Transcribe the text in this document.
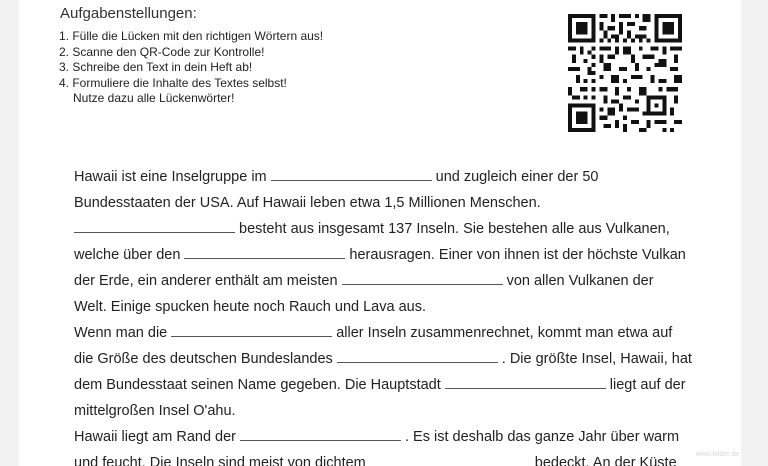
Aufgabenstellungen:
1. Fülle die Lücken mit den richtigen Wörtern aus!
2. Scanne den QR-Code zur Kontrolle!
3. Schreibe den Text in dein Heft ab!
4. Formuliere die Inhalte des Textes selbst!
Nutze dazu alle Lückenwörter!
Hawaii ist eine Inselgruppe im	und zugleich einer der 50
Bundesstaaten der USA. Auf Hawaii leben etwa 1,5 Millionen Menschen.
besteht aus insgesamt 137 Inseln. Sie bestehen alle aus Vulkanen,
welche über den	herausragen. Einer von ihnen ist der höchste Vulkan
der Erde, ein anderer enthält am meisten	von allen Vulkanen der
Welt. Einige spucken heute noch Rauch und Lava aus.
Wenn man die	aller Inseln zusammenrechnet, kommt man etwa auf
die Größe des deutschen Bundeslandes	. Die größte Insel, Hawaii, hat
dem Bundesstaat seinen Name gegeben. Die Hauptstadt	liegt auf der
mittelgroßen Insel O'ahu.
Hawaii liegt am Rand der	. Es ist deshalb das ganze Jahr über warm
und feucht. Die Inseln sind meist von dichtem	bedeckt. An der Küste
www.bilder.de
